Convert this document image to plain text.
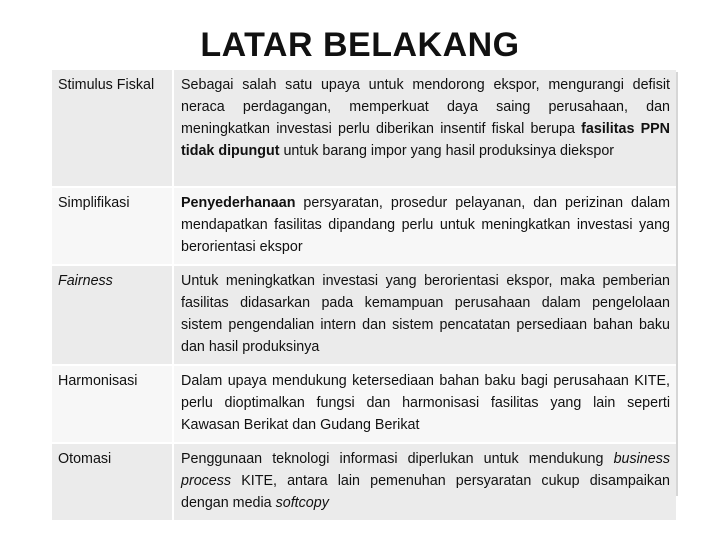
LATAR BELAKANG
Stimulus Fiskal	Sebagai salah satu upaya untuk mendorong ekspor, mengurangi defisit neraca perdagangan, memperkuat daya saing perusahaan, dan meningkatkan investasi perlu diberikan insentif fiskal berupa fasilitas PPN tidak dipungut untuk barang impor yang hasil produksinya diekspor
Simplifikasi	Penyederhanaan persyaratan, prosedur pelayanan, dan perizinan dalam mendapatkan fasilitas dipandang perlu untuk meningkatkan investasi yang berorientasi ekspor
Fairness	Untuk meningkatkan investasi yang berorientasi ekspor, maka pemberian fasilitas didasarkan pada kemampuan perusahaan dalam pengelolaan sistem pengendalian intern dan sistem pencatatan persediaan bahan baku dan hasil produksinya
Harmonisasi	Dalam upaya mendukung ketersediaan bahan baku bagi perusahaan KITE, perlu dioptimalkan fungsi dan harmonisasi fasilitas yang lain seperti Kawasan Berikat dan Gudang Berikat
Otomasi	Penggunaan teknologi informasi diperlukan untuk mendukung business process KITE, antara lain pemenuhan persyaratan cukup disampaikan dengan media softcopy
